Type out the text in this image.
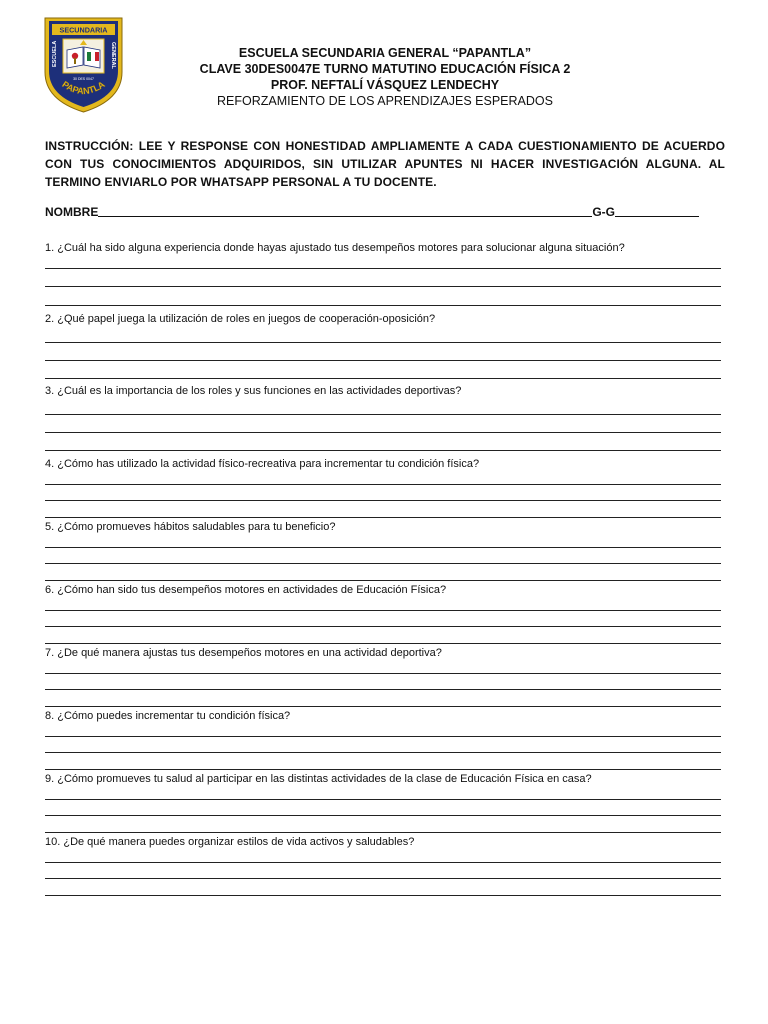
SECUNDARIA
ESCUELA	GENERAL
PAPANTLA
30 DES 0047
ESCUELA SECUNDARIA GENERAL “PAPANTLA”
CLAVE 30DES0047E TURNO MATUTINO EDUCACIÓN FÍSICA 2
PROF. NEFTALÍ VÁSQUEZ LENDECHY
REFORZAMIENTO DE LOS APRENDIZAJES ESPERADOS
INSTRUCCIÓN: LEE Y RESPONSE CON HONESTIDAD AMPLIAMENTE A CADA CUESTIONAMIENTO DE ACUERDO CON TUS CONOCIMIENTOS ADQUIRIDOS, SIN UTILIZAR APUNTES NI HACER INVESTIGACIÓN ALGUNA. AL TERMINO ENVIARLO POR WHATSAPP PERSONAL A TU DOCENTE.
NOMBRE	G-G
1. ¿Cuál ha sido alguna experiencia donde hayas ajustado tus desempeños motores para solucionar alguna situación?
2. ¿Qué papel juega la utilización de roles en juegos de cooperación-oposición?
3. ¿Cuál es la importancia de los roles y sus funciones en las actividades deportivas?
4. ¿Cómo has utilizado la actividad físico-recreativa para incrementar tu condición física?
5. ¿Cómo promueves hábitos saludables para tu beneficio?
6. ¿Cómo han sido tus desempeños motores en actividades de Educación Física?
7. ¿De qué manera ajustas tus desempeños motores en una actividad deportiva?
8. ¿Cómo puedes incrementar tu condición física?
9. ¿Cómo promueves tu salud al participar en las distintas actividades de la clase de Educación Física en casa?
10. ¿De qué manera puedes organizar estilos de vida activos y saludables?
